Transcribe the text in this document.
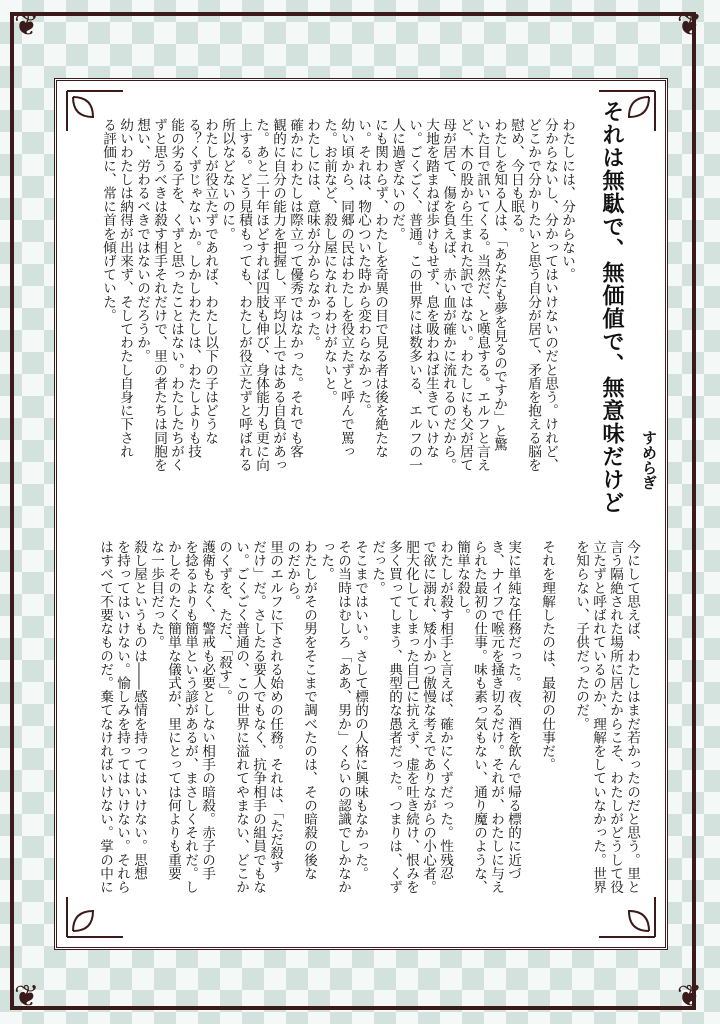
❦	❦
❦	❦
それは無駄で、無価値で、無意味だけど すめらぎ
わたしには、分からない。
分からないし、分かってはいけないのだと思う。けれど、
どこかで分かりたいと思う自分が居て、矛盾を抱える脳を
慰め、今日も眠る。
わたしを知る人は、「あなたも夢を見るのですか」と驚
いた目で訊いてくる。当然だ、と嘆息する。エルフと言え
ど、木の股から生まれた訳ではない。わたしにも父が居て
母が居て、傷を負えば、赤い血が確かに流れるのだから。
大地を踏まねば歩けもせず、息を吸わねば生きていけな
い。ごくごく、普通。この世界には数多いる、エルフの一
人に過ぎないのだ。
にも関わらず、わたしを奇異の目で見る者は後を絶たな
い。それは、物心ついた時から変わらなかった。
幼い頃から、同郷の民はわたしを役立たずと呼んで罵っ
た。お前など、殺し屋になれるわけがないと。
わたしには、意味が分からなかった。
確かにわたしは際立って優秀ではなかった。それでも客
観的に自分の能力を把握し、平均以上ではある自負があっ
た。あと二十年ほどすれば四肢も伸び、身体能力も更に向
上する。どう見積もっても、わたしが役立たずと呼ばれる
所以などないのに。
わたしが役立たずであれば、わたし以下の子はどうな
る？くずじゃないか。しかしわたしは、わたしよりも技
能の劣る子を、くずと思ったことはない。わたしたちがく
ずと思うべきは殺す相手それだけで、里の者たちは同胞を
想い、労わるべきではないのだろうか。
幼いわたしは納得が出来ず、そしてわたし自身に下され
る評価に、常に首を傾げていた。
今にして思えば、わたしはまだ若かったのだと思う。里と
言う隔絶された場所に居たからこそ、わたしがどうして役
立たずと呼ばれているのか、理解をしていなかった。世界
を知らない、子供だったのだ。

それを理解したのは、最初の仕事だ。

実に単純な任務だった。夜、酒を飲んで帰る標的に近づ
き、ナイフで喉元を掻き切るだけ。それが、わたしに与え
られた最初の仕事。味も素っ気もない、通り魔のような、
簡単な殺し。
わたしが殺す相手と言えば、確かにくずだった。性残忍
で欲に溺れ、矮小かつ傲慢な考えでありながらの小心者。
肥大化してしまった自己に抗えず、虚を吐き続け、恨みを
多く買ってしまう、典型的な愚者だった。つまりは、くず
だった。
そこまではいい。さして標的の人格に興味もなかった。
その当時はむしろ「ああ、男か」くらいの認識でしかなか
った。
わたしがその男をそこまで調べたのは、その暗殺の後な
のだから。
里のエルフに下される始めの任務。それは、「ただ殺す
だけ」だ。さしたる要人でもなく、抗争相手の組員でもな
い。ごくごく普通の、この世界に溢れてやまない、どこか
のくずを、ただ、「殺す」。
護衛もなく、警戒も必要としない相手の暗殺。赤子の手
を捻るよりも簡単という諺があるが、まさしくそれだ。し
かしそのたく簡単な儀式が、里にとっては何よりも重要
な一歩目だった。
殺し屋というものは――感情を持ってはいけない。思想
を持ってはいけない。愉しみを持ってはいけない。それら
はすべて不要なものだ。棄てなければいけない。掌の中に
